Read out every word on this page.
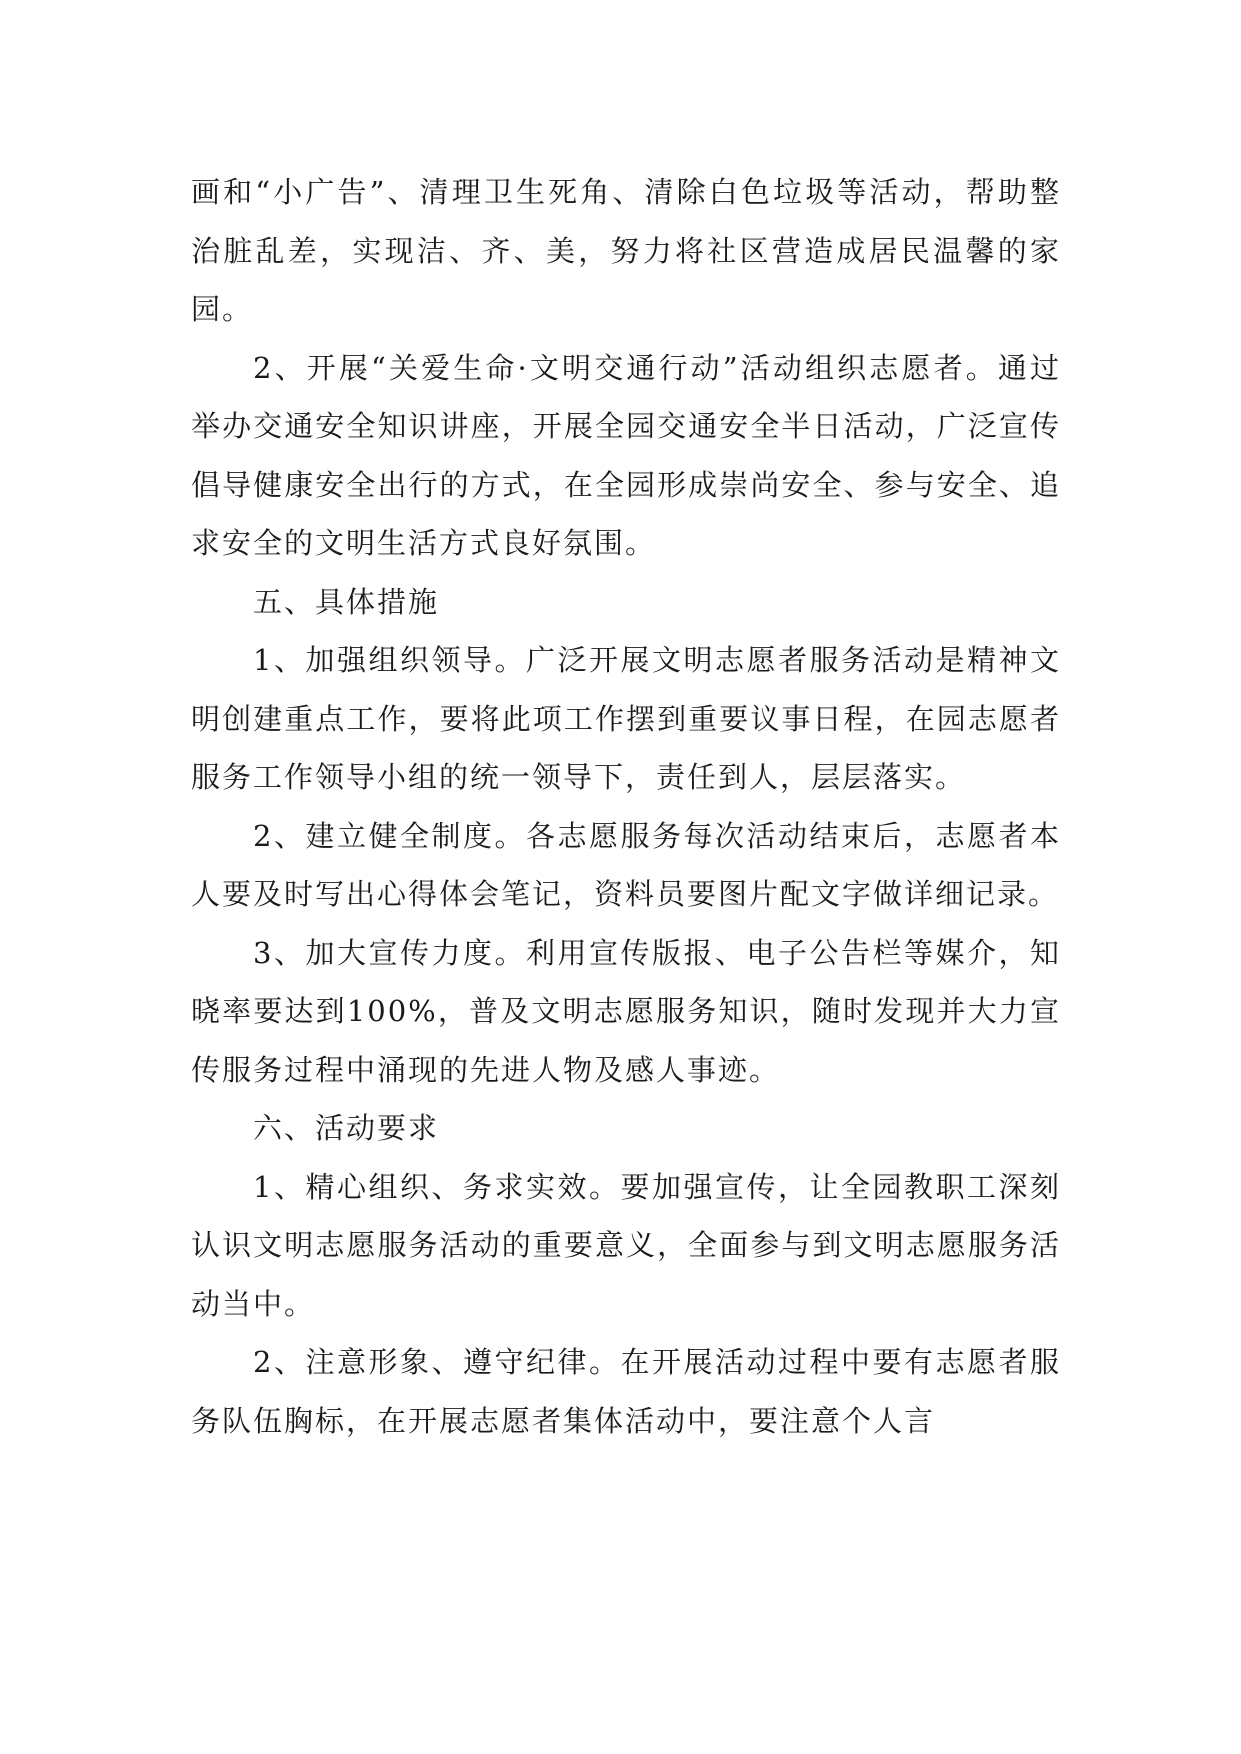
画和“小广告”、清理卫生死角、清除白色垃圾等活动，帮助整治脏乱差，实现洁、齐、美，努力将社区营造成居民温馨的家园。

2、开展“关爱生命·文明交通行动”活动组织志愿者。通过举办交通安全知识讲座，开展全园交通安全半日活动，广泛宣传倡导健康安全出行的方式，在全园形成崇尚安全、参与安全、追求安全的文明生活方式良好氛围。

五、具体措施

1、加强组织领导。广泛开展文明志愿者服务活动是精神文明创建重点工作，要将此项工作摆到重要议事日程，在园志愿者服务工作领导小组的统一领导下，责任到人，层层落实。

2、建立健全制度。各志愿服务每次活动结束后，志愿者本人要及时写出心得体会笔记，资料员要图片配文字做详细记录。

3、加大宣传力度。利用宣传版报、电子公告栏等媒介，知晓率要达到100%，普及文明志愿服务知识，随时发现并大力宣传服务过程中涌现的先进人物及感人事迹。

六、活动要求

1、精心组织、务求实效。要加强宣传，让全园教职工深刻认识文明志愿服务活动的重要意义，全面参与到文明志愿服务活动当中。

2、注意形象、遵守纪律。在开展活动过程中要有志愿者服务队伍胸标，在开展志愿者集体活动中，要注意个人言
